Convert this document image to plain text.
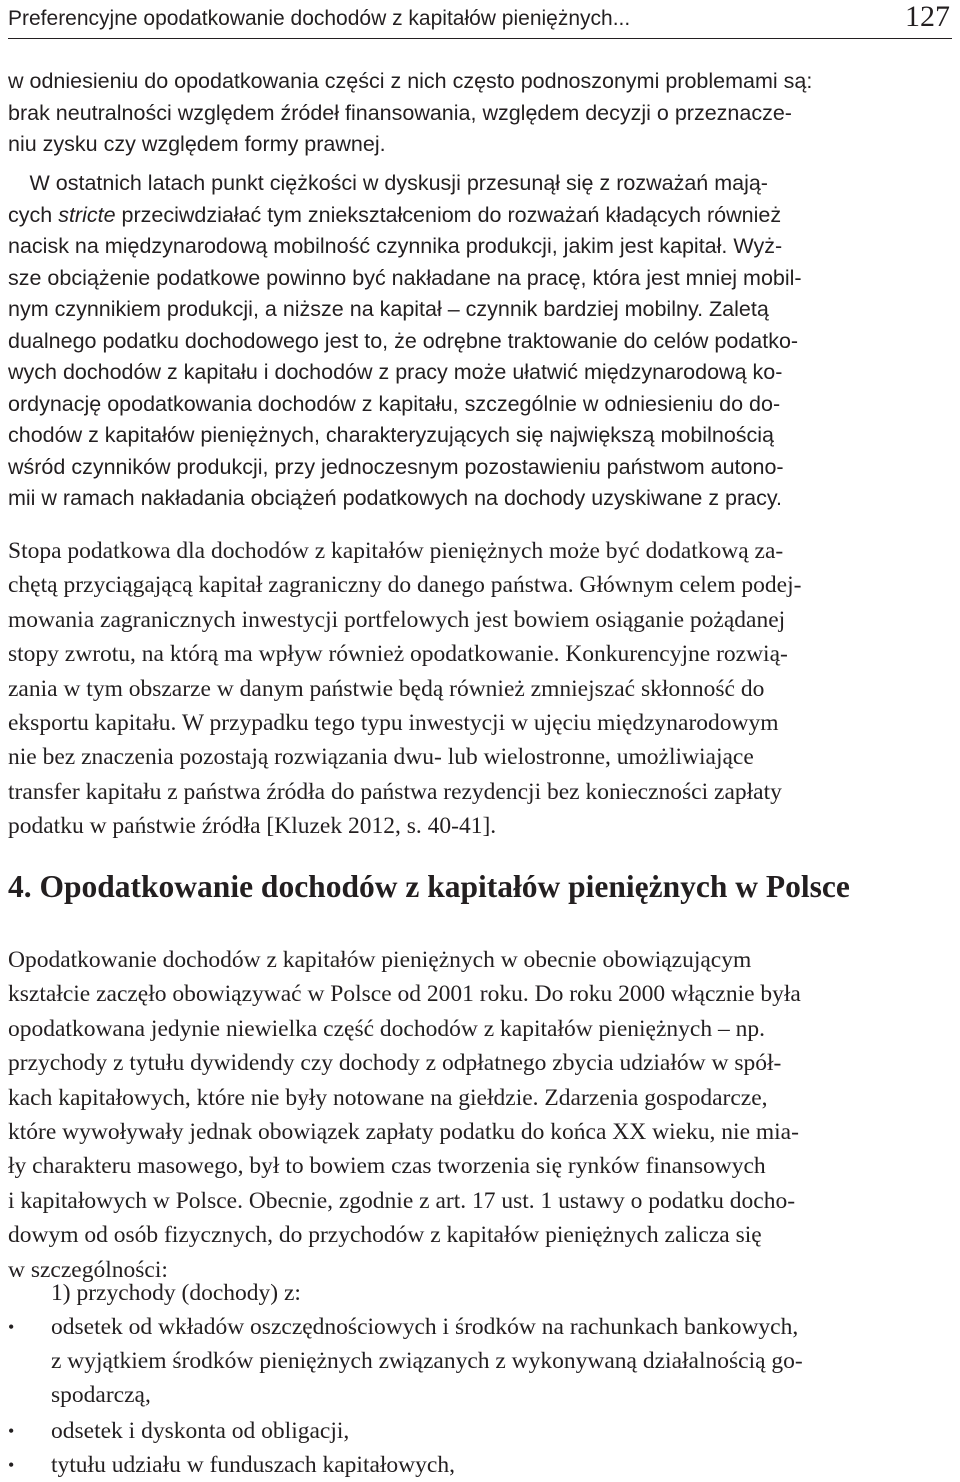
Preferencyjne opodatkowanie dochodów z kapitałów pieniężnych...	127
w odniesieniu do opodatkowania części z nich często podnoszonymi problemami są:
brak neutralności względem źródeł finansowania, względem decyzji o przeznacze-
niu zysku czy względem formy prawnej.
 W ostatnich latach punkt ciężkości w dyskusji przesunął się z rozważań mają-
cych stricte przeciwdziałać tym zniekształceniom do rozważań kładących również
nacisk na międzynarodową mobilność czynnika produkcji, jakim jest kapitał. Wyż-
sze obciążenie podatkowe powinno być nakładane na pracę, która jest mniej mobil-
nym czynnikiem produkcji, a niższe na kapitał – czynnik bardziej mobilny. Zaletą
dualnego podatku dochodowego jest to, że odrębne traktowanie do celów podatko-
wych dochodów z kapitału i dochodów z pracy może ułatwić międzynarodową ko-
ordynację opodatkowania dochodów z kapitału, szczególnie w odniesieniu do do-
chodów z kapitałów pieniężnych, charakteryzujących się największą mobilnością
wśród czynników produkcji, przy jednoczesnym pozostawieniu państwom autono-
mii w ramach nakładania obciążeń podatkowych na dochody uzyskiwane z pracy.
Stopa podatkowa dla dochodów z kapitałów pieniężnych może być dodatkową za-
chętą przyciągającą kapitał zagraniczny do danego państwa. Głównym celem podej-
mowania zagranicznych inwestycji portfelowych jest bowiem osiąganie pożądanej
stopy zwrotu, na którą ma wpływ również opodatkowanie. Konkurencyjne rozwią-
zania w tym obszarze w danym państwie będą również zmniejszać skłonność do
eksportu kapitału. W przypadku tego typu inwestycji w ujęciu międzynarodowym
nie bez znaczenia pozostają rozwiązania dwu- lub wielostronne, umożliwiające
transfer kapitału z państwa źródła do państwa rezydencji bez konieczności zapłaty
podatku w państwie źródła [Kluzek 2012, s. 40-41].
4. Opodatkowanie dochodów z kapitałów pieniężnych w Polsce
Opodatkowanie dochodów z kapitałów pieniężnych w obecnie obowiązującym
kształcie zaczęło obowiązywać w Polsce od 2001 roku. Do roku 2000 włącznie była
opodatkowana jedynie niewielka część dochodów z kapitałów pieniężnych – np.
przychody z tytułu dywidendy czy dochody z odpłatnego zbycia udziałów w spół-
kach kapitałowych, które nie były notowane na giełdzie. Zdarzenia gospodarcze,
które wywoływały jednak obowiązek zapłaty podatku do końca XX wieku, nie mia-
ły charakteru masowego, był to bowiem czas tworzenia się rynków finansowych
i kapitałowych w Polsce. Obecnie, zgodnie z art. 17 ust. 1 ustawy o podatku docho-
dowym od osób fizycznych, do przychodów z kapitałów pieniężnych zalicza się
w szczególności:
1) przychody (dochody) z:
• odsetek od wkładów oszczędnościowych i środków na rachunkach bankowych,
z wyjątkiem środków pieniężnych związanych z wykonywaną działalnością go-
spodarczą,
• odsetek i dyskonta od obligacji,
• tytułu udziału w funduszach kapitałowych,
